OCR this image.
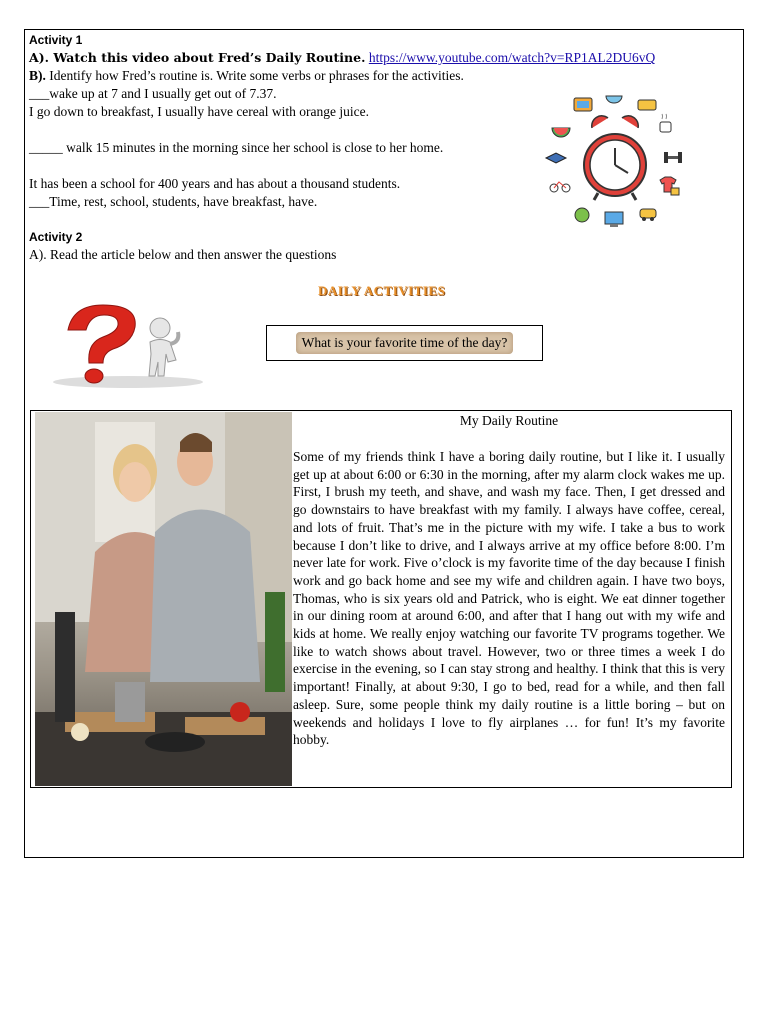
Activity 1
A). Watch this video about Fred’s Daily Routine. https://www.youtube.com/watch?v=RP1AL2DU6vQ
B). Identify how Fred’s routine is. Write some verbs or phrases for the activities.
___wake up at 7 and I usually get out of 7.37.
I go down to breakfast, I usually have cereal with orange juice.
_____ walk 15 minutes in the morning since her school is close to her home.
It has been a school for 400 years and has about a thousand students.
___Time, rest, school, students, have breakfast, have.
Activity 2
A). Read the article below and then answer the questions
DAILY ACTIVITIES
What is your favorite time of the day?
My Daily Routine
Some of my friends think I have a boring daily routine, but I like it. I usually get up at about 6:00 or 6:30 in the morning, after my alarm clock wakes me up. First, I brush my teeth, and shave, and wash my face. Then, I get dressed and go downstairs to have breakfast with my family. I always have coffee, cereal, and lots of fruit. That’s me in the picture with my wife. I take a bus to work because I don’t like to drive, and I always arrive at my office before 8:00. I’m never late for work. Five o’clock is my favorite time of the day because I finish work and go back home and see my wife and children again. I have two boys, Thomas, who is six years old and Patrick, who is eight. We eat dinner together in our dining room at around 6:00, and after that I hang out with my wife and kids at home. We really enjoy watching our favorite TV programs together. We like to watch shows about travel. However, two or three times a week I do exercise in the evening, so I can stay strong and healthy. I think that this is very important! Finally, at about 9:30, I go to bed, read for a while, and then fall asleep. Sure, some people think my daily routine is a little boring – but on weekends and holidays I love to fly airplanes … for fun! It’s my favorite hobby.
